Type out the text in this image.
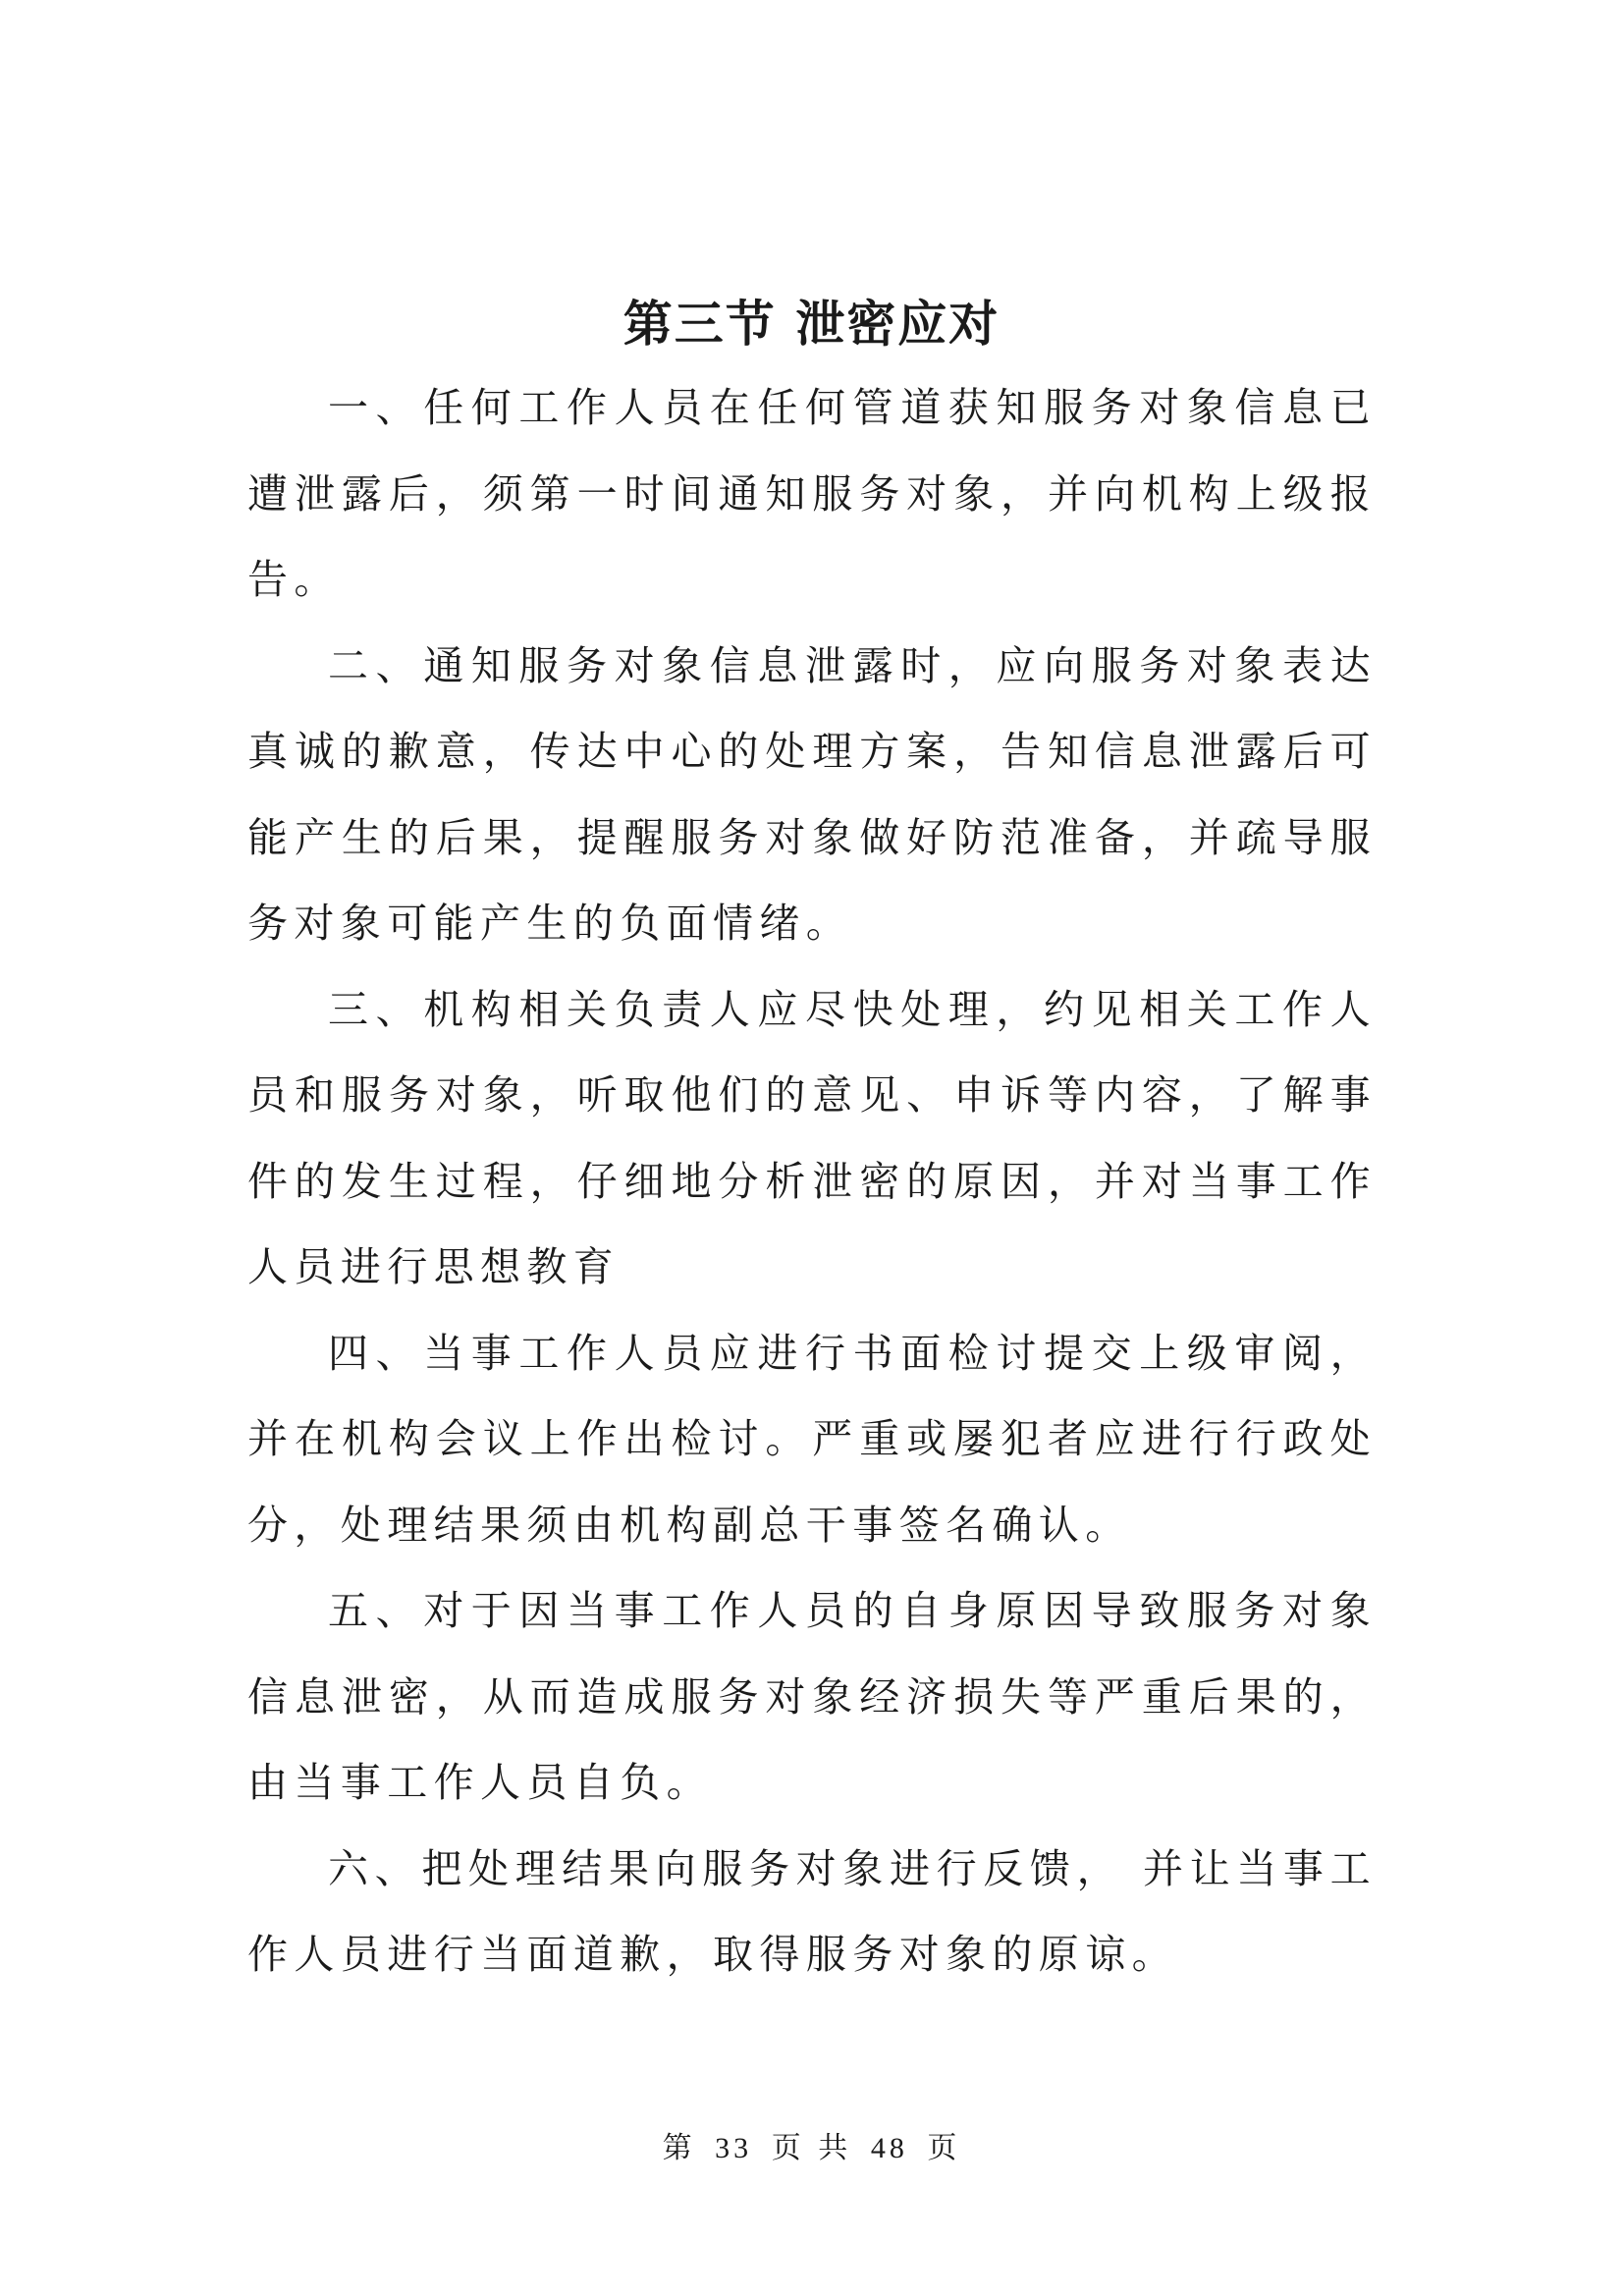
第三节 泄密应对

一、任何工作人员在任何管道获知服务对象信息已遭泄露后，须第一时间通知服务对象，并向机构上级报告。

二、通知服务对象信息泄露时，应向服务对象表达真诚的歉意，传达中心的处理方案，告知信息泄露后可能产生的后果，提醒服务对象做好防范准备，并疏导服务对象可能产生的负面情绪。

三、机构相关负责人应尽快处理，约见相关工作人员和服务对象，听取他们的意见、申诉等内容，了解事件的发生过程，仔细地分析泄密的原因，并对当事工作人员进行思想教育

四、当事工作人员应进行书面检讨提交上级审阅，并在机构会议上作出检讨。严重或屡犯者应进行行政处分，处理结果须由机构副总干事签名确认。

五、对于因当事工作人员的自身原因导致服务对象信息泄密，从而造成服务对象经济损失等严重后果的，由当事工作人员自负。

六、把处理结果向服务对象进行反馈， 并让当事工作人员进行当面道歉，取得服务对象的原谅。

第 33 页 共 48 页
